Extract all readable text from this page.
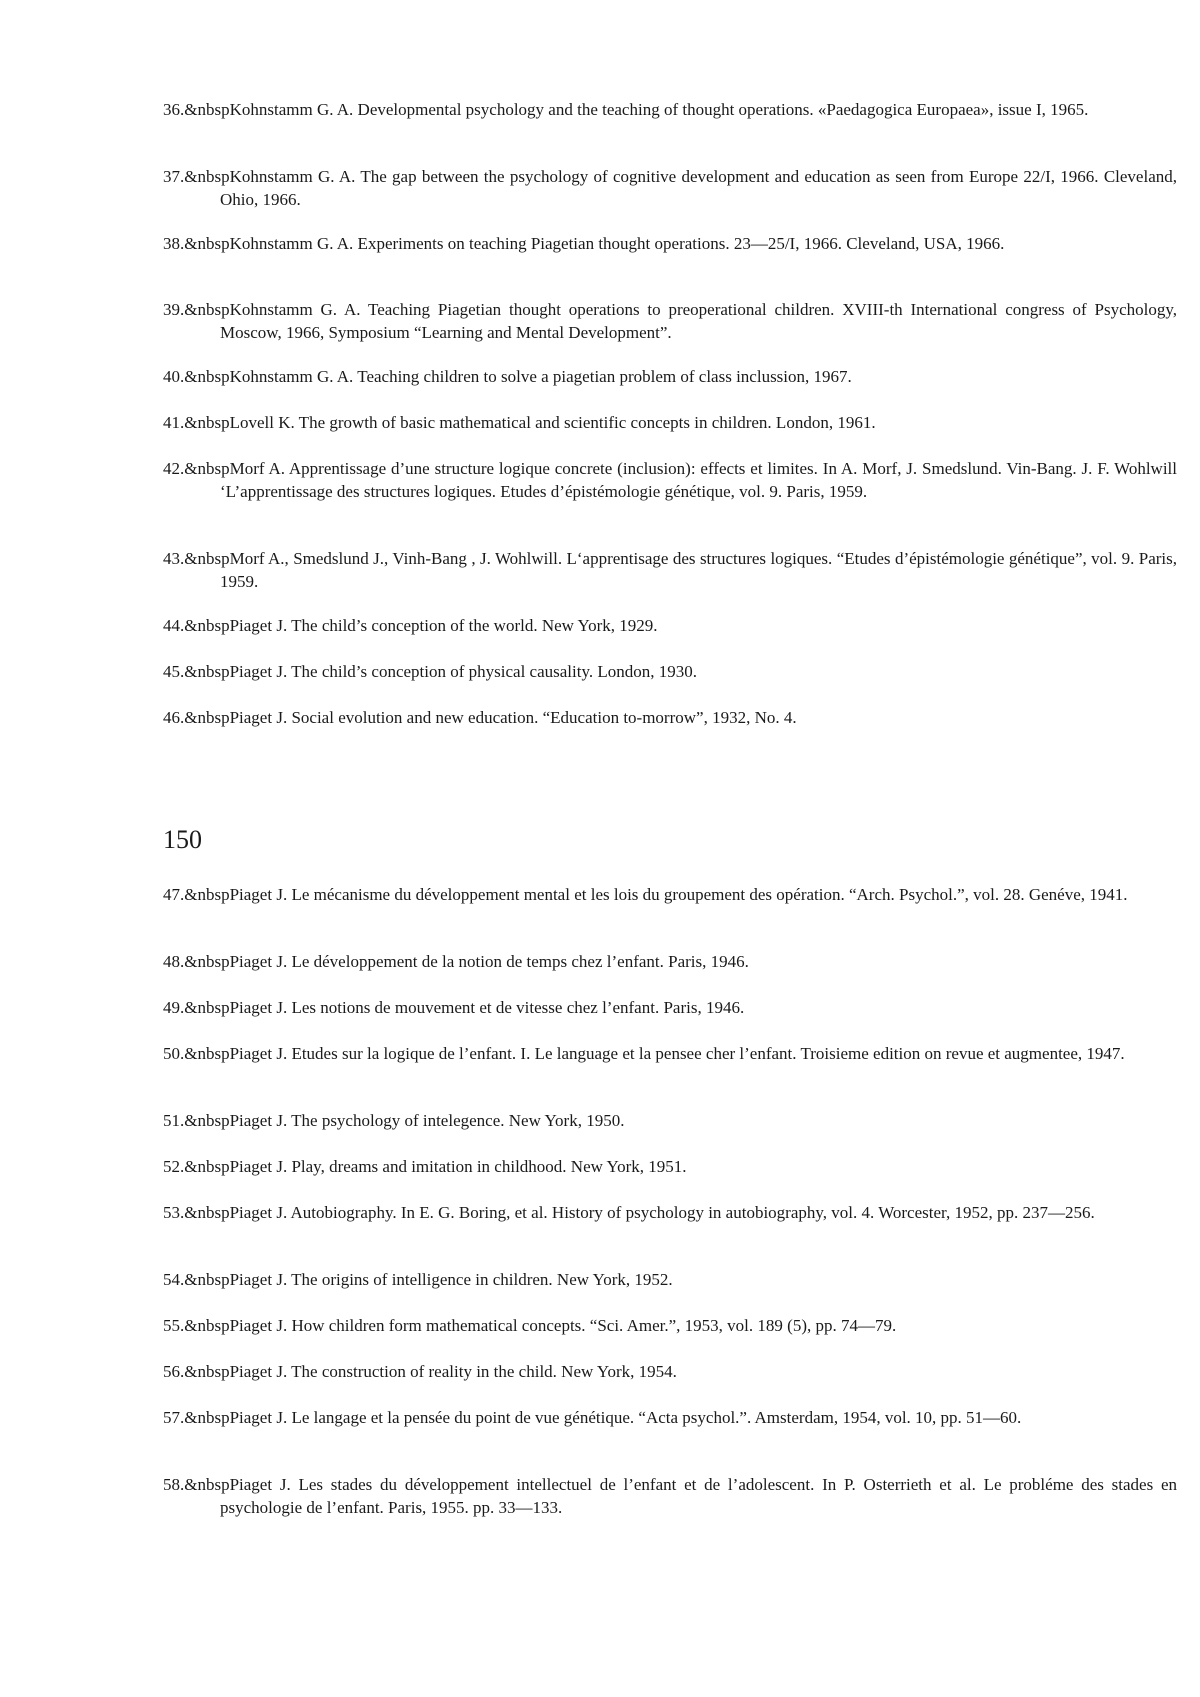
36.&nbspKohnstamm G. A. Developmental psychology and the teaching of thought operations. «Paedagogica Europaea», issue I, 1965.
37.&nbspKohnstamm G. A. The gap between the psychology of cognitive development and education as seen from Europe 22/I, 1966. Cleveland, Ohio, 1966.
38.&nbspKohnstamm G. A. Experiments on teaching Piagetian thought operations. 23—25/I, 1966. Cleveland, USA, 1966.
39.&nbspKohnstamm G. A. Teaching Piagetian thought operations to preoperational children. XVIII-th International congress of Psychology, Moscow, 1966, Symposium “Learning and Mental Development”.
40.&nbspKohnstamm G. A. Teaching children to solve a piagetian problem of class inclussion, 1967.
41.&nbspLovell K. The growth of basic mathematical and scientific concepts in children. London, 1961.
42.&nbspMorf A. Apprentissage d’une structure logique concrete (inclusion): effects et limites. In A. Morf, J. Smedslund. Vin-Bang. J. F. Wohlwill ‘L’apprentissage des structures logiques. Etudes d’épistémologie génétique, vol. 9. Paris, 1959.
43.&nbspMorf A., Smedslund J., Vinh-Bang , J. Wohlwill. L‘apprentisage des structures logiques. “Etudes d’épistémologie génétique”, vol. 9. Paris, 1959.
44.&nbspPiaget J. The child’s conception of the world. New York, 1929.
45.&nbspPiaget J. The child’s conception of physical causality. London, 1930.
46.&nbspPiaget J. Social evolution and new education. “Education to-morrow”, 1932, No. 4.
150
47.&nbspPiaget J. Le mécanisme du développement mental et les lois du groupement des opération. “Arch. Psychol.”, vol. 28. Genéve, 1941.
48.&nbspPiaget J. Le développement de la notion de temps chez l’enfant. Paris, 1946.
49.&nbspPiaget J. Les notions de mouvement et de vitesse chez l’enfant. Paris, 1946.
50.&nbspPiaget J. Etudes sur la logique de l’enfant. I. Le language et la pensee cher l’enfant. Troisieme edition on revue et augmentee, 1947.
51.&nbspPiaget J. The psychology of intelegence. New York, 1950.
52.&nbspPiaget J. Play, dreams and imitation in childhood. New York, 1951.
53.&nbspPiaget J. Autobiography. In E. G. Boring, et al. History of psychology in autobiography, vol. 4. Worcester, 1952, pp. 237—256.
54.&nbspPiaget J. The origins of intelligence in children. New York, 1952.
55.&nbspPiaget J. How children form mathematical concepts. “Sci. Amer.”, 1953, vol. 189 (5), pp. 74—79.
56.&nbspPiaget J. The construction of reality in the child. New York, 1954.
57.&nbspPiaget J. Le langage et la pensée du point de vue génétique. “Acta psychol.”. Amsterdam, 1954, vol. 10, pp. 51—60.
58.&nbspPiaget J. Les stades du développement intellectuel de l’enfant et de l’adolescent. In P. Osterrieth et al. Le probléme des stades en psychologie de l’enfant. Paris, 1955. pp. 33—133.
